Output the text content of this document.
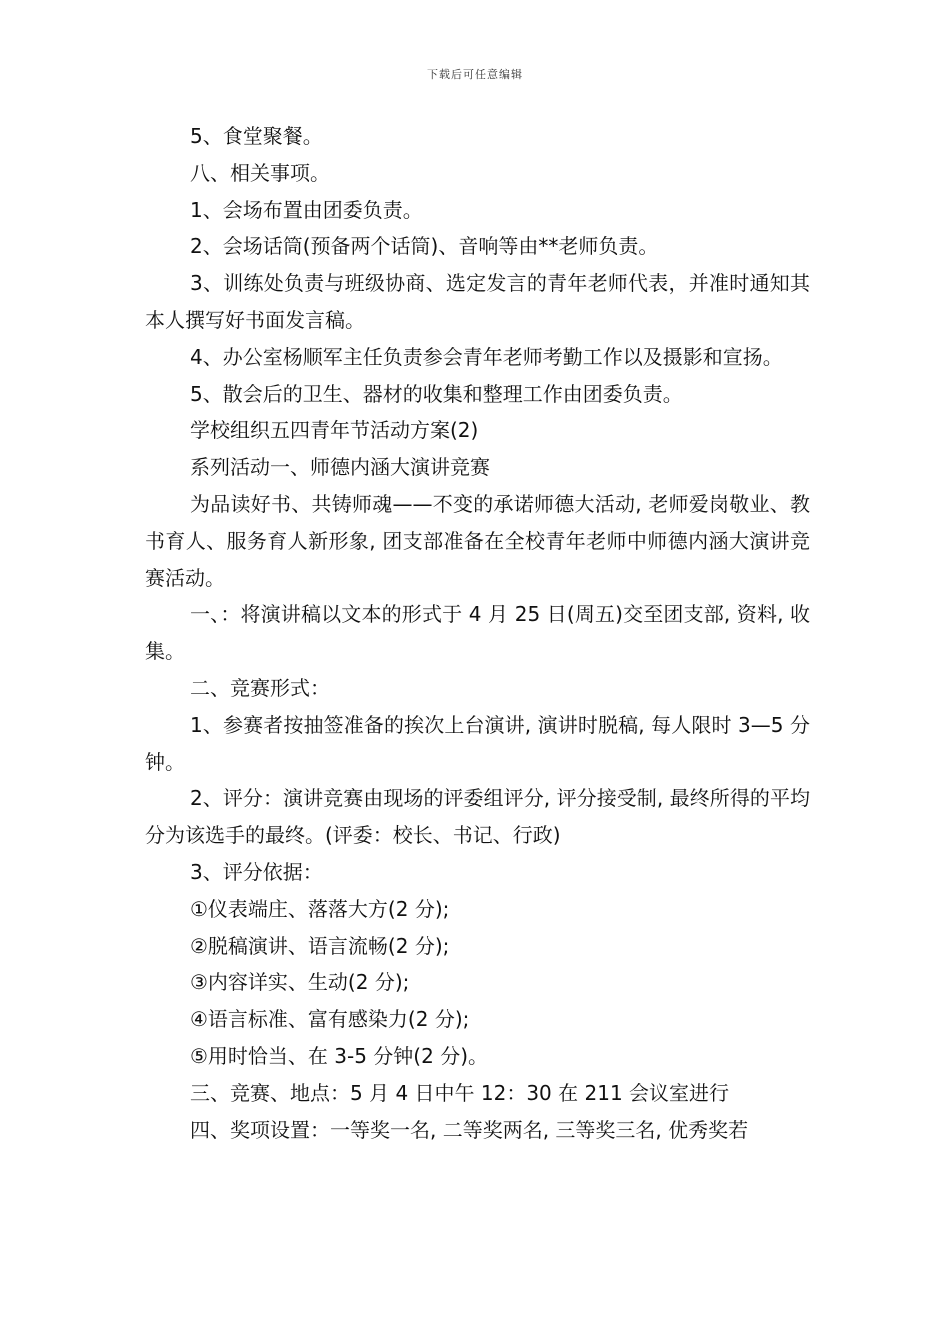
下载后可任意编辑

5、食堂聚餐。

八、相关事项。

1、会场布置由团委负责。

2、会场话筒(预备两个话筒)、音响等由**老师负责。

3、训练处负责与班级协商、选定发言的青年老师代表，并准时通知其本人撰写好书面发言稿。

4、办公室杨顺军主任负责参会青年老师考勤工作以及摄影和宣扬。

5、散会后的卫生、器材的收集和整理工作由团委负责。

学校组织五四青年节活动方案(2)

系列活动一、师德内涵大演讲竞赛

为品读好书、共铸师魂——不变的承诺师德大活动, 老师爱岗敬业、教书育人、服务育人新形象, 团支部准备在全校青年老师中师德内涵大演讲竞赛活动。

一、：将演讲稿以文本的形式于 4 月 25 日(周五)交至团支部, 资料, 收集。

二、竞赛形式：

1、参赛者按抽签准备的挨次上台演讲, 演讲时脱稿, 每人限时 3—5 分钟。

2、评分：演讲竞赛由现场的评委组评分, 评分接受制, 最终所得的平均分为该选手的最终。(评委：校长、书记、行政)

3、评分依据：

①仪表端庄、落落大方(2 分);

②脱稿演讲、语言流畅(2 分);

③内容详实、生动(2 分);

④语言标准、富有感染力(2 分);

⑤用时恰当、在 3-5 分钟(2 分)。

三、竞赛、地点：5 月 4 日中午 12：30 在 211 会议室进行

四、奖项设置：一等奖一名, 二等奖两名, 三等奖三名, 优秀奖若
